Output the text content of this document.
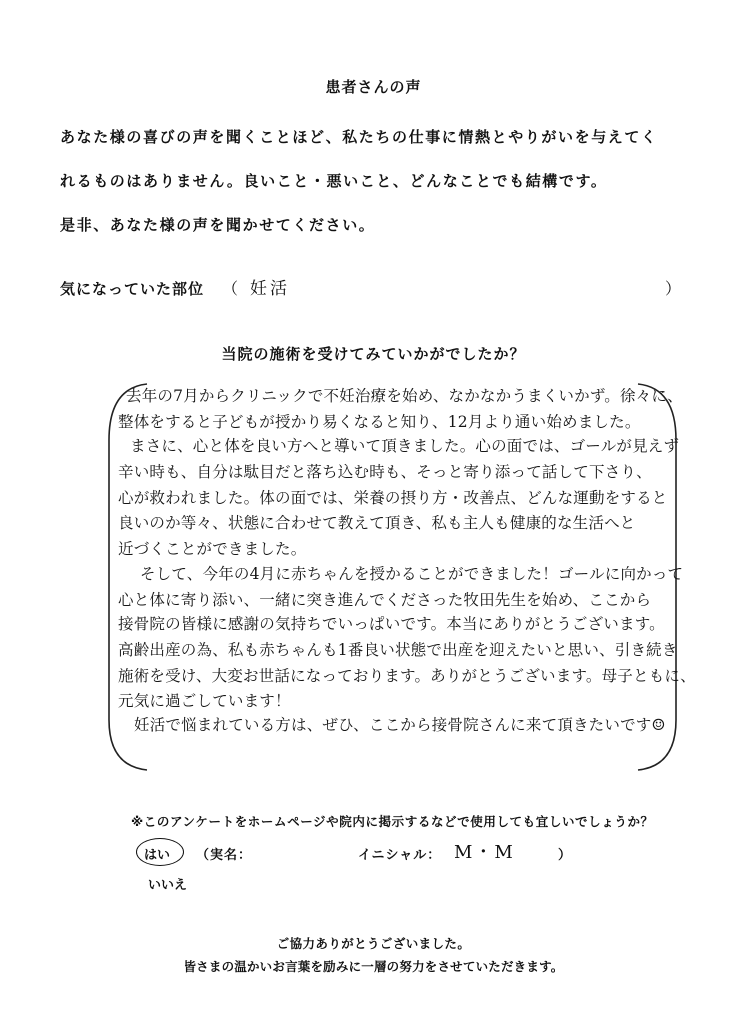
患者さんの声
あなた様の喜びの声を聞くことほど、私たちの仕事に情熱とやりがいを与えてく
れるものはありません。良いこと・悪いこと、どんなことでも結構です。
是非、あなた様の声を聞かせてください。
気になっていた部位 （ 妊活	）
当院の施術を受けてみていかがでしたか？
去年の7月からクリニックで不妊治療を始め、なかなかうまくいかず。徐々に、
整体をすると子どもが授かり易くなると知り、12月より通い始めました。
まさに、心と体を良い方へと導いて頂きました。心の面では、ゴールが見えず
辛い時も、自分は駄目だと落ち込む時も、そっと寄り添って話して下さり、
心が救われました。体の面では、栄養の摂り方・改善点、どんな運動をすると
良いのか等々、状態に合わせて教えて頂き、私も主人も健康的な生活へと
近づくことができました。
そして、今年の4月に赤ちゃんを授かることができました！ゴールに向かって
心と体に寄り添い、一緒に突き進んでくださった牧田先生を始め、ここから
接骨院の皆様に感謝の気持ちでいっぱいです。本当にありがとうございます。
高齢出産の為、私も赤ちゃんも1番良い状態で出産を迎えたいと思い、引き続き
施術を受け、大変お世話になっております。ありがとうございます。母子ともに、
元気に過ごしています！
妊活で悩まれている方は、ぜひ、ここから接骨院さんに来て頂きたいです☺
※このアンケートをホームページや院内に掲示するなどで使用しても宜しいでしょうか？
はい （実名：	イニシャル： M・M	）
いいえ
ご協力ありがとうございました。
皆さまの温かいお言葉を励みに一層の努力をさせていただきます。
